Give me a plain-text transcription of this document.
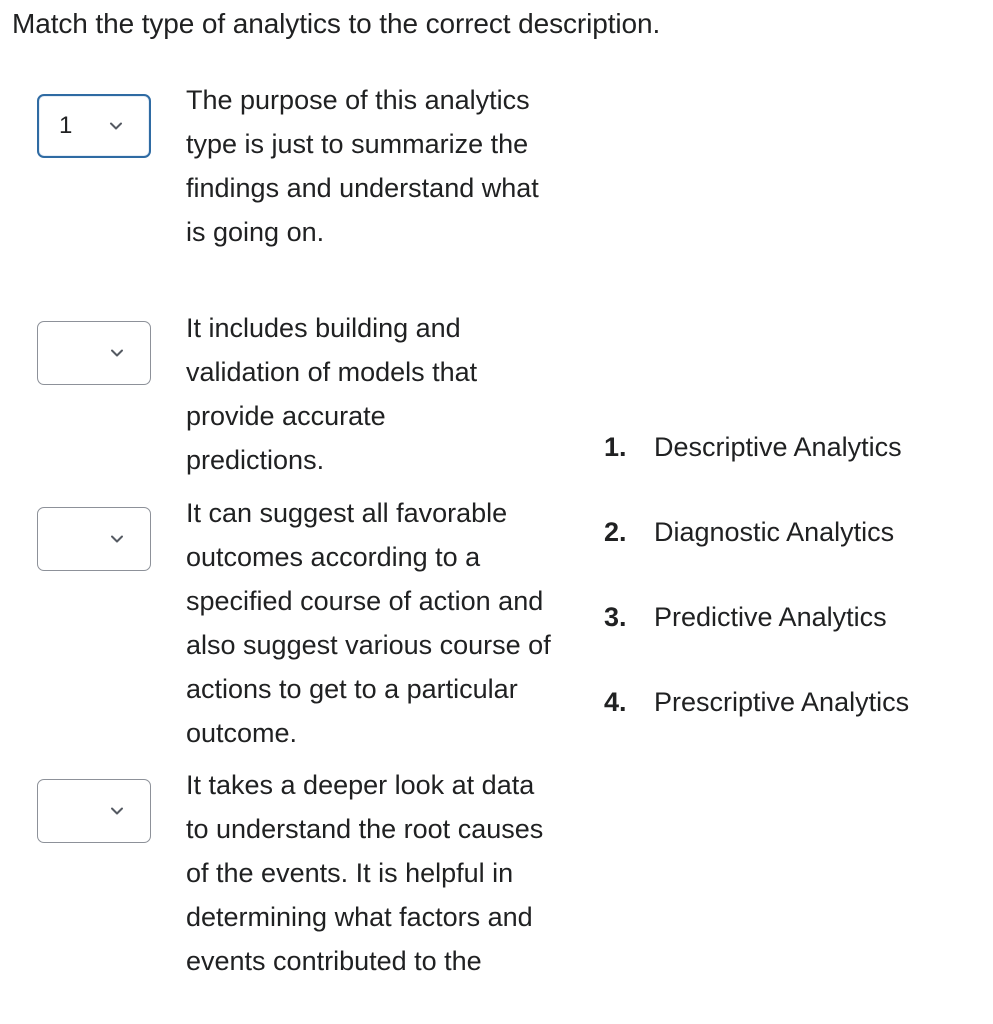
Match the type of analytics to the correct description.
1
The purpose of this analytics type is just to summarize the findings and understand what is going on.
It includes building and validation of models that provide accurate predictions.
It can suggest all favorable outcomes according to a specified course of action and also suggest various course of actions to get to a particular outcome.
It takes a deeper look at data to understand the root causes of the events. It is helpful in determining what factors and events contributed to the
1. Descriptive Analytics
2. Diagnostic Analytics
3. Predictive Analytics
4. Prescriptive Analytics
